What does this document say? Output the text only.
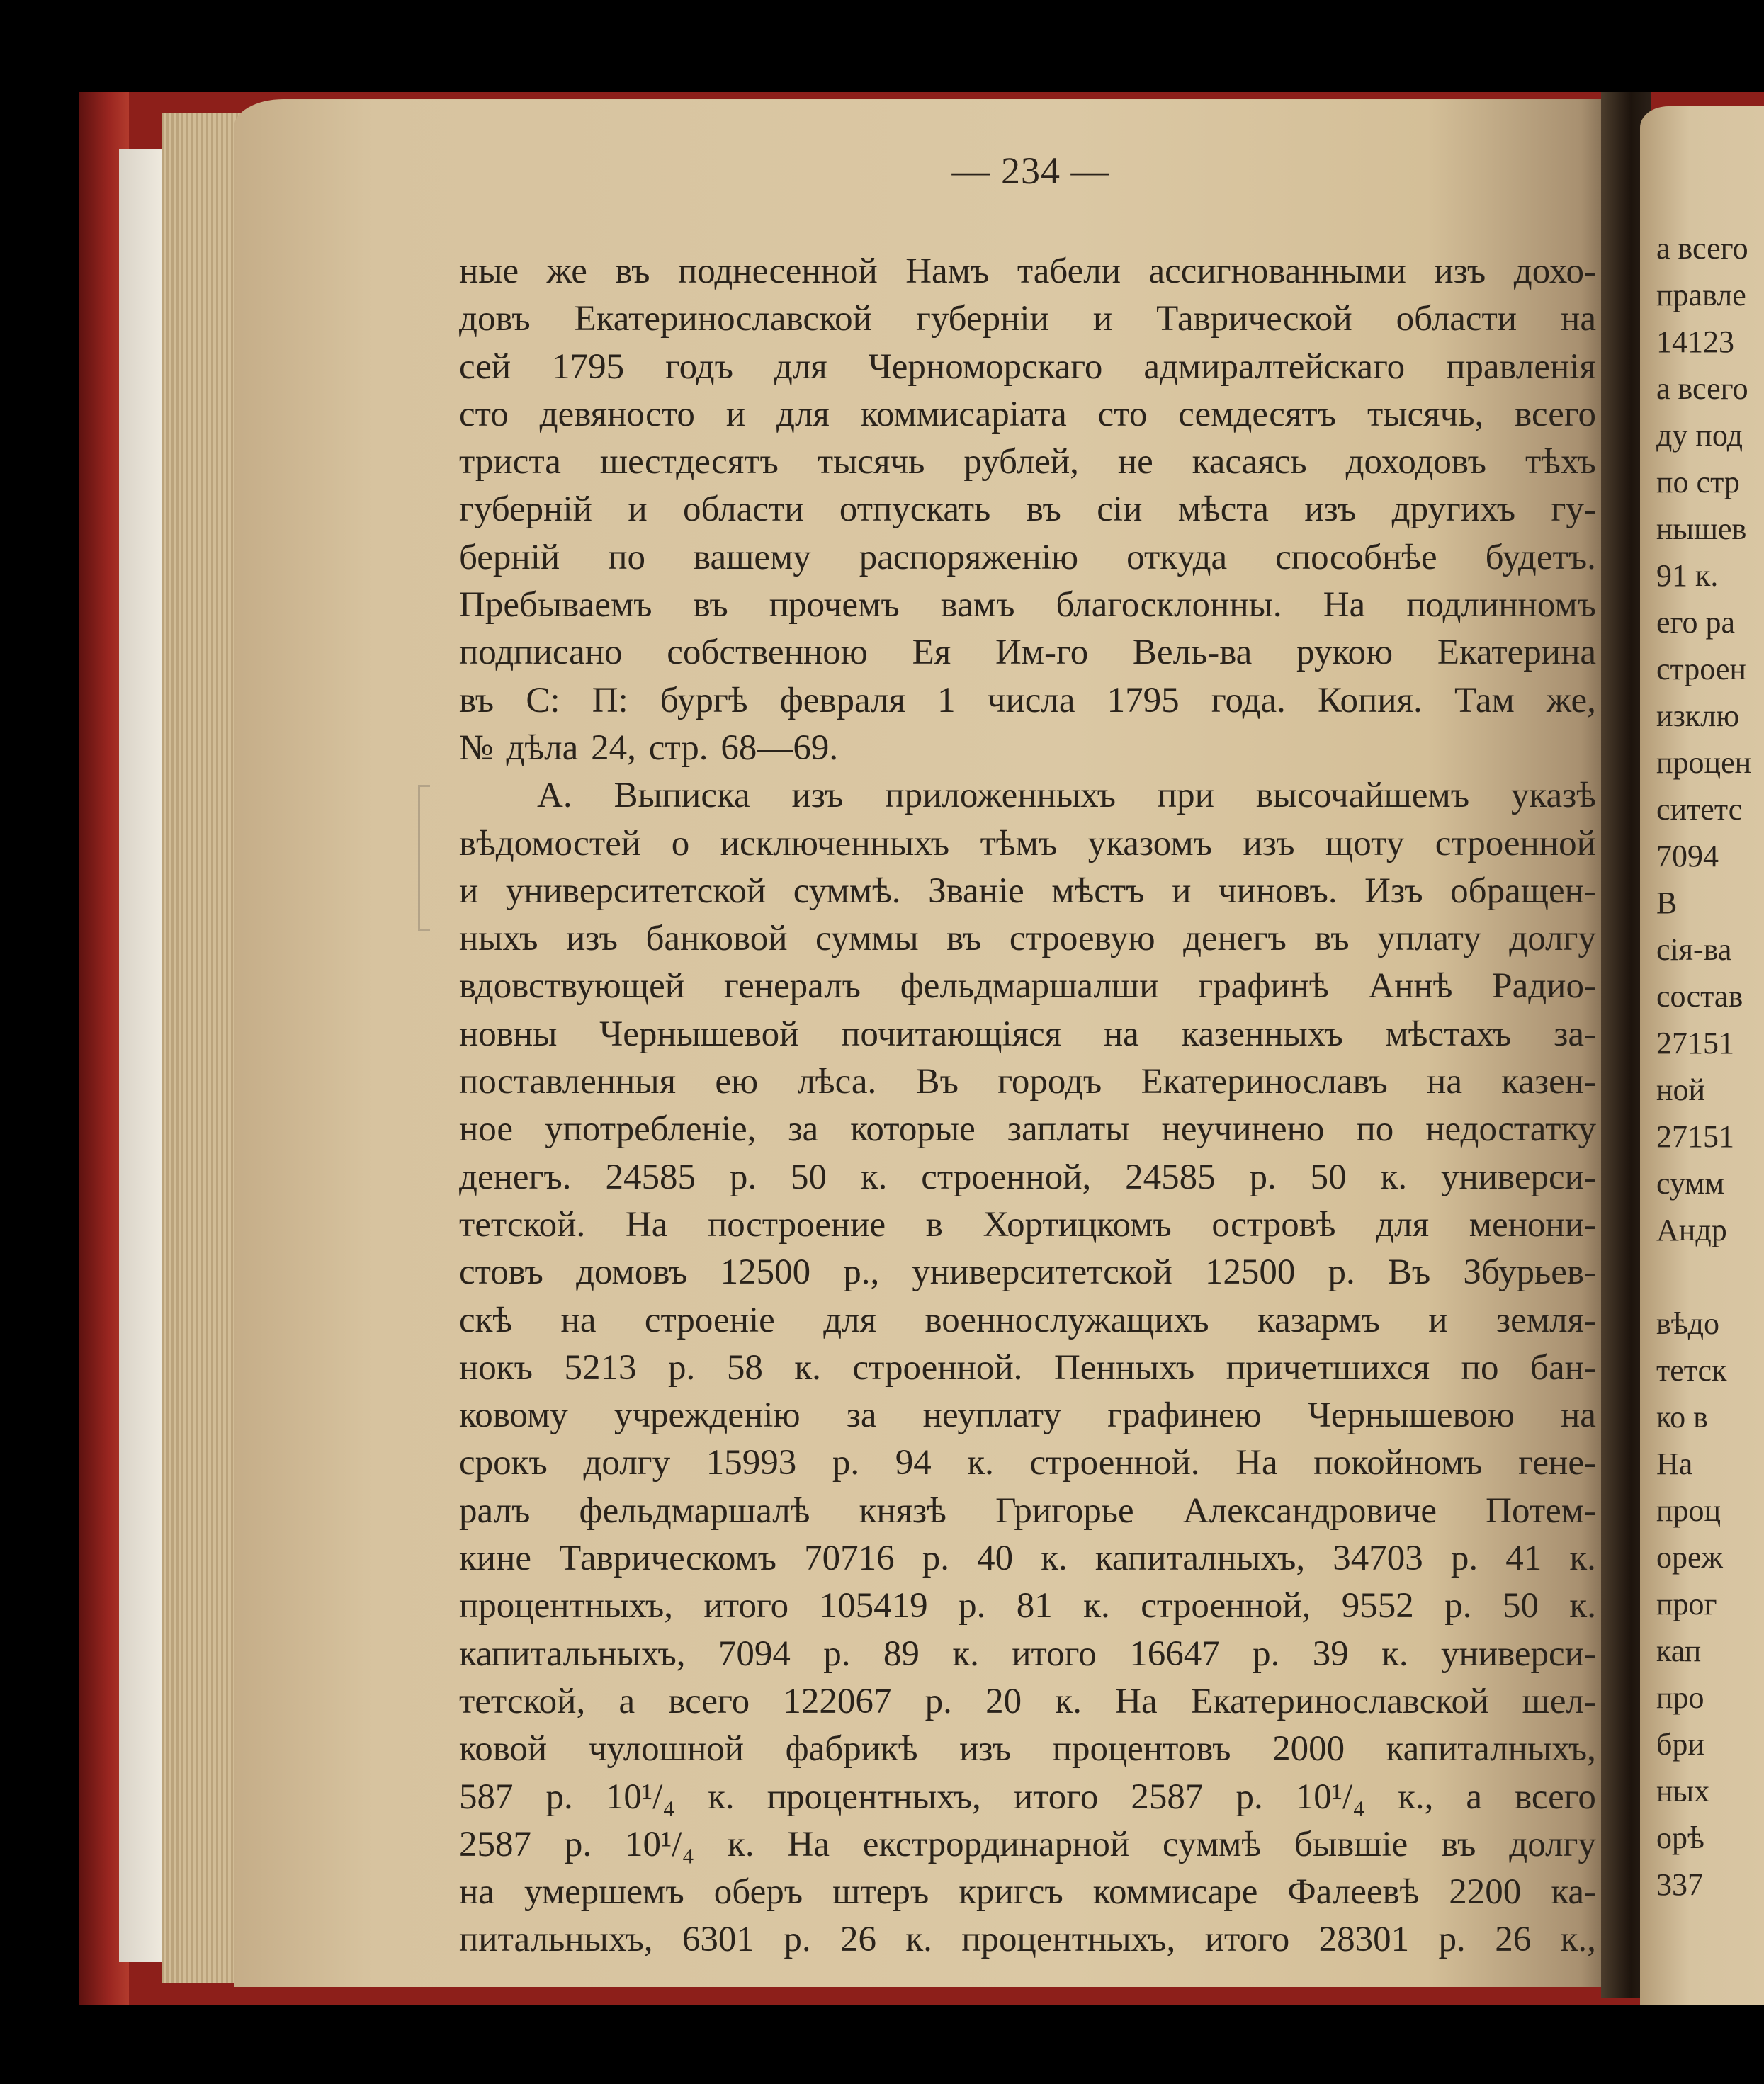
— 234 —
ные же въ поднесенной Намъ табели ассигнованными изъ дохо-
довъ Екатеринославской губерніи и Таврической области на
сей 1795 годъ для Черноморскаго адмиралтейскаго правленія
сто девяносто и для коммисаріата сто семдесятъ тысячь, всего
триста шестдесятъ тысячь рублей, не касаясь доходовъ тѣхъ
губерній и области отпускать въ сіи мѣста изъ другихъ гу-
берній по вашему распоряженію откуда способнѣе будетъ.
Пребываемъ въ прочемъ вамъ благосклонны. На подлинномъ
подписано собственною Ея Им-го Вель-ва рукою Екатерина
въ С: П: бургѣ февраля 1 числа 1795 года. Копия. Там же,
№ дѣла 24, стр. 68—69.
А. Выписка изъ приложенныхъ при высочайшемъ указѣ
вѣдомостей о исключенныхъ тѣмъ указомъ изъ щоту строенной
и университетской суммѣ. Званіе мѣстъ и чиновъ. Изъ обращен-
ныхъ изъ банковой суммы въ строевую денегъ въ уплату долгу
вдовствующей генералъ фельдмаршалши графинѣ Аннѣ Радио-
новны Чернышевой почитающіяся на казенныхъ мѣстахъ за-
поставленныя ею лѣса. Въ городъ Екатеринославъ на казен-
ное употребленіе, за которые заплаты неучинено по недостатку
денегъ. 24585 р. 50 к. строенной, 24585 р. 50 к. универси-
тетской. На построение в Хортицкомъ островѣ для менони-
стовъ домовъ 12500 р., университетской 12500 р. Въ Збурьев-
скѣ на строеніе для военнослужащихъ казармъ и земля-
нокъ 5213 р. 58 к. строенной. Пенныхъ причетшихся по бан-
ковому учрежденію за неуплату графинею Чернышевою на
срокъ долгу 15993 р. 94 к. строенной. На покойномъ гене-
ралъ фельдмаршалѣ князѣ Григорье Александровиче Потем-
кине Таврическомъ 70716 р. 40 к. капиталныхъ, 34703 р. 41 к.
процентныхъ, итого 105419 р. 81 к. строенной, 9552 р. 50 к.
капитальныхъ, 7094 р. 89 к. итого 16647 р. 39 к. универси-
тетской, а всего 122067 р. 20 к. На Екатеринославской шел-
ковой чулошной фабрикѣ изъ процентовъ 2000 капиталныхъ,
587 р. 10¹/₄ к. процентныхъ, итого 2587 р. 10¹/₄ к., а всего
2587 р. 10¹/₄ к. На екстрординарной суммѣ бывшіе въ долгу
на умершемъ оберъ штеръ кригсъ коммисаре Фалеевѣ 2200 ка-
питальныхъ, 6301 р. 26 к. процентныхъ, итого 28301 р. 26 к.,
а всего
правле
14123
а всего
ду под
по стр
нышев
91 к.
его ра
строен
изклю
процен
ситетс
7094
В
сія-ва
состав
27151
ной
27151
сумм
Андр
вѣдо
тетск
ко в
На
проц
ореж
прог
кап
про
бри
ных
орѣ
337
